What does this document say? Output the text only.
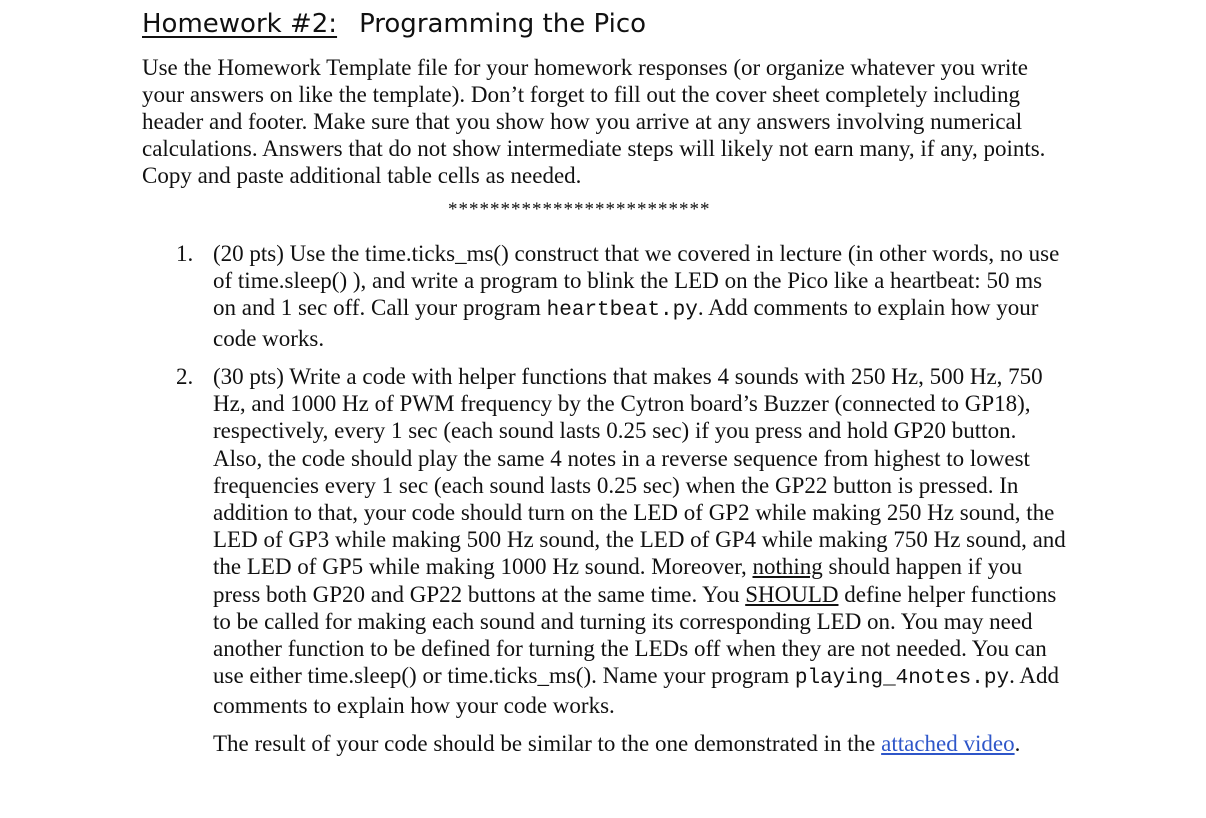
Homework #2: Programming the Pico

Use the Homework Template file for your homework responses (or organize whatever you write your answers on like the template). Don’t forget to fill out the cover sheet completely including header and footer. Make sure that you show how you arrive at any answers involving numerical calculations. Answers that do not show intermediate steps will likely not earn many, if any, points. Copy and paste additional table cells as needed.

*************************

1. (20 pts) Use the time.ticks_ms() construct that we covered in lecture (in other words, no use of time.sleep() ), and write a program to blink the LED on the Pico like a heartbeat: 50 ms on and 1 sec off. Call your program heartbeat.py. Add comments to explain how your code works.
2. (30 pts) Write a code with helper functions that makes 4 sounds with 250 Hz, 500 Hz, 750 Hz, and 1000 Hz of PWM frequency by the Cytron board’s Buzzer (connected to GP18), respectively, every 1 sec (each sound lasts 0.25 sec) if you press and hold GP20 button. Also, the code should play the same 4 notes in a reverse sequence from highest to lowest frequencies every 1 sec (each sound lasts 0.25 sec) when the GP22 button is pressed. In addition to that, your code should turn on the LED of GP2 while making 250 Hz sound, the LED of GP3 while making 500 Hz sound, the LED of GP4 while making 750 Hz sound, and the LED of GP5 while making 1000 Hz sound. Moreover, nothing should happen if you press both GP20 and GP22 buttons at the same time. You SHOULD define helper functions to be called for making each sound and turning its corresponding LED on. You may need another function to be defined for turning the LEDs off when they are not needed. You can use either time.sleep() or time.ticks_ms(). Name your program playing_4notes.py. Add comments to explain how your code works.

The result of your code should be similar to the one demonstrated in the attached video.
